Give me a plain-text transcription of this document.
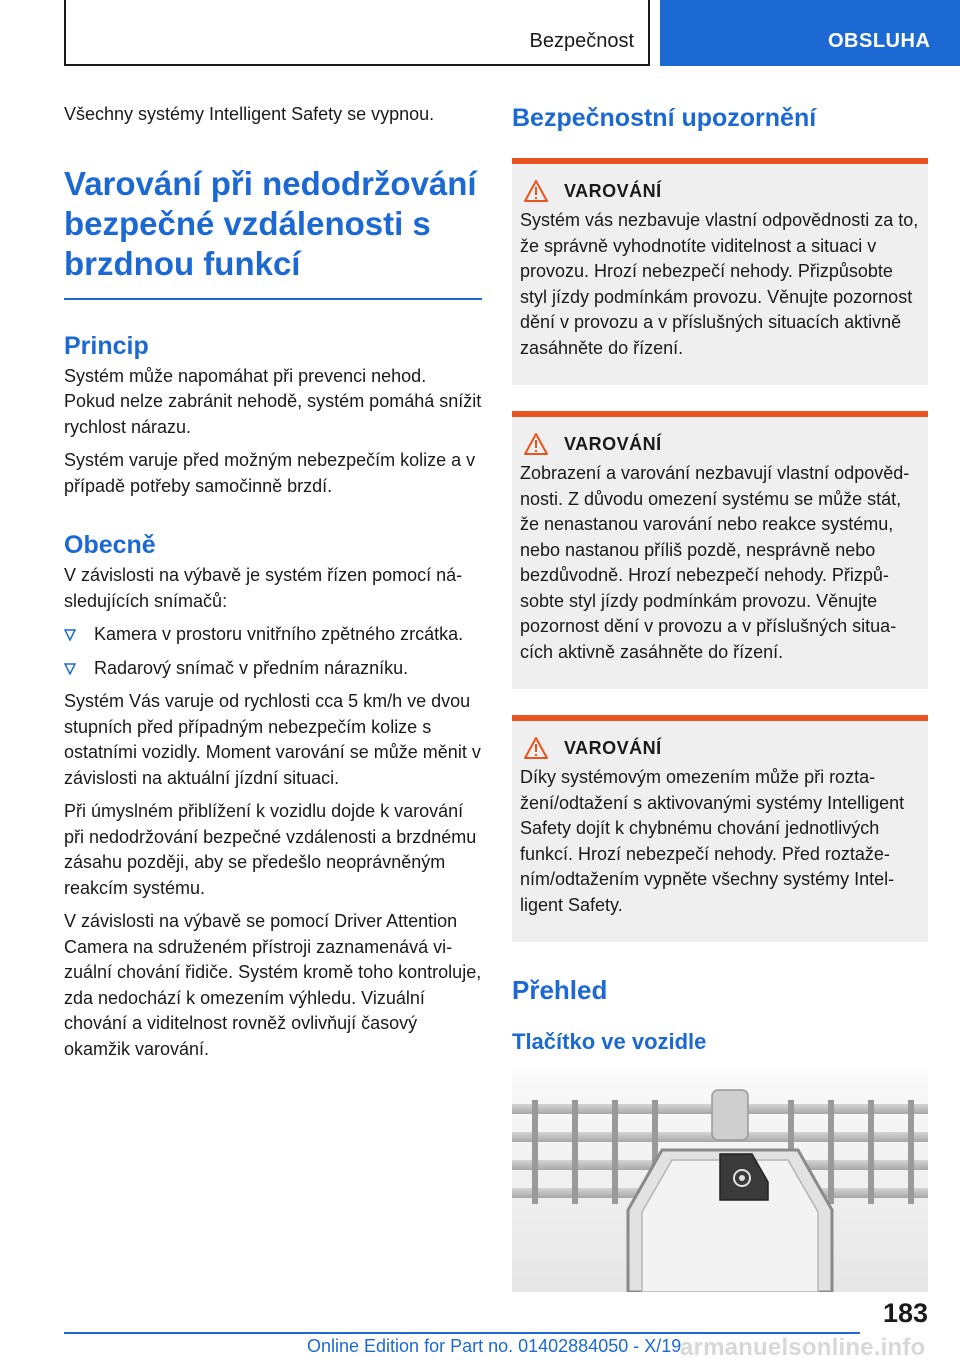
Bezpečnost	OBSLUHA

Všechny systémy Intelligent Safety se vypnou.

Varování při nedodržování
bezpečné vzdálenosti s
brzdnou funkcí
Princip

Systém může napomáhat při prevenci nehod. Pokud nelze zabránit nehodě, systém pomáhá snížit rychlost nárazu.

Systém varuje před možným nebezpečím kolize a v případě potřeby samočinně brzdí.

Obecně

V závislosti na výbavě je systém řízen pomocí následujících snímačů:

Kamera v prostoru vnitřního zpětného zrcátka.
Radarový snímač v předním nárazníku.

Systém Vás varuje od rychlosti cca 5 km/h ve dvou stupních před případným nebezpečím kolize s ostatními vozidly. Moment varování se může měnit v závislosti na aktuální jízdní situaci.

Při úmyslném přiblížení k vozidlu dojde k varování při nedodržování bezpečné vzdálenosti a brzdnému zásahu později, aby se předešlo neoprávněným reakcím systému.

V závislosti na výbavě se pomocí Driver Attention Camera na sdruženém přístroji zaznamenává vizuální chování řidiče. Systém kromě toho kontroluje, zda nedochází k omezením výhledu. Vizuální chování a viditelnost rovněž ovlivňují časový okamžik varování.

Bezpečnostní upozornění
VAROVÁNÍ

Systém vás nezbavuje vlastní odpovědnosti za to, že správně vyhodnotíte viditelnost a situaci v provozu. Hrozí nebezpečí nehody. Přizpůsobte styl jízdy podmínkám provozu. Věnujte pozornost dění v provozu a v příslušných situacích aktivně zasáhněte do řízení.

VAROVÁNÍ

Zobrazení a varování nezbavují vlastní odpovědnosti. Z důvodu omezení systému se může stát, že nenastanou varování nebo reakce systému, nebo nastanou příliš pozdě, nesprávně nebo bezdůvodně. Hrozí nebezpečí nehody. Přizpůsobte styl jízdy podmínkám provozu. Věnujte pozornost dění v provozu a v příslušných situacích aktivně zasáhněte do řízení.

VAROVÁNÍ

Díky systémovým omezením může při roztažení/odtažení s aktivovanými systémy Intelligent Safety dojít k chybnému chování jednotlivých funkcí. Hrozí nebezpečí nehody. Před roztažením/odtažením vypněte všechny systémy Intelligent Safety.

Přehled
Tlačítko ve vozidle
183
armanuelsonline.info
Online Edition for Part no. 01402884050 - X/19
